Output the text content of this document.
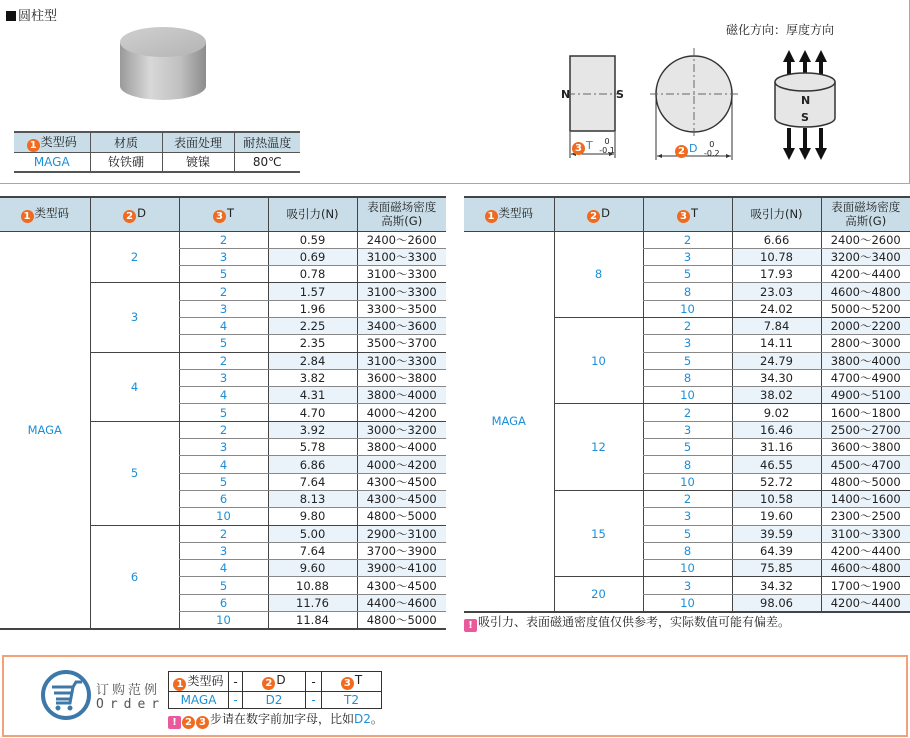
圆柱型
1 类型码	材质	表面处理	耐热温度
MAGA	钕铁硼	镀镍	80℃
磁化方向：厚度方向
N	S
3 T	0
-0.1	2 D	0
-0.2
N
S
1 类型码	2 D	3 T	吸引力(N)	表面磁场密度
高斯(G)
MAGA	2	2	0.59	2400～2600
		3	0.69	3100～3300
		5	0.78	3100～3300
	3	2	1.57	3100～3300
		3	1.96	3300～3500
		4	2.25	3400～3600
		5	2.35	3500～3700
	4	2	2.84	3100～3300
		3	3.82	3600～3800
		4	4.31	3800～4000
		5	4.70	4000～4200
	5	2	3.92	3000～3200
		3	5.78	3800～4000
		4	6.86	4000～4200
		5	7.64	4300～4500
		6	8.13	4300～4500
		10	9.80	4800～5000
	6	2	5.00	2900～3100
		3	7.64	3700～3900
		4	9.60	3900～4100
		5	10.88	4300～4500
		6	11.76	4400～4600
		10	11.84	4800～5000
1 类型码	2 D	3 T	吸引力(N)	表面磁场密度
高斯(G)
MAGA	8	2	6.66	2400～2600
		3	10.78	3200～3400
		5	17.93	4200～4400
		8	23.03	4600～4800
		10	24.02	5000～5200
	10	2	7.84	2000～2200
		3	14.11	2800～3000
		5	24.79	3800～4000
		8	34.30	4700～4900
		10	38.02	4900～5100
	12	2	9.02	1600～1800
		3	16.46	2500～2700
		5	31.16	3600～3800
		8	46.55	4500～4700
		10	52.72	4800～5000
	15	2	10.58	1400～1600
		3	19.60	2300～2500
		5	39.59	3100～3300
		8	64.39	4200～4400
		10	75.85	4600～4800
	20	3	34.32	1700～1900
		10	98.06	4200～4400
! 吸引力、表面磁通密度值仅供参考，实际数值可能有偏差。
订购范例
Order
1 类型码	-	2 D	-	3 T
MAGA	-	D2	-	T2
! 2 3 步请在数字前加字母，比如D2。
